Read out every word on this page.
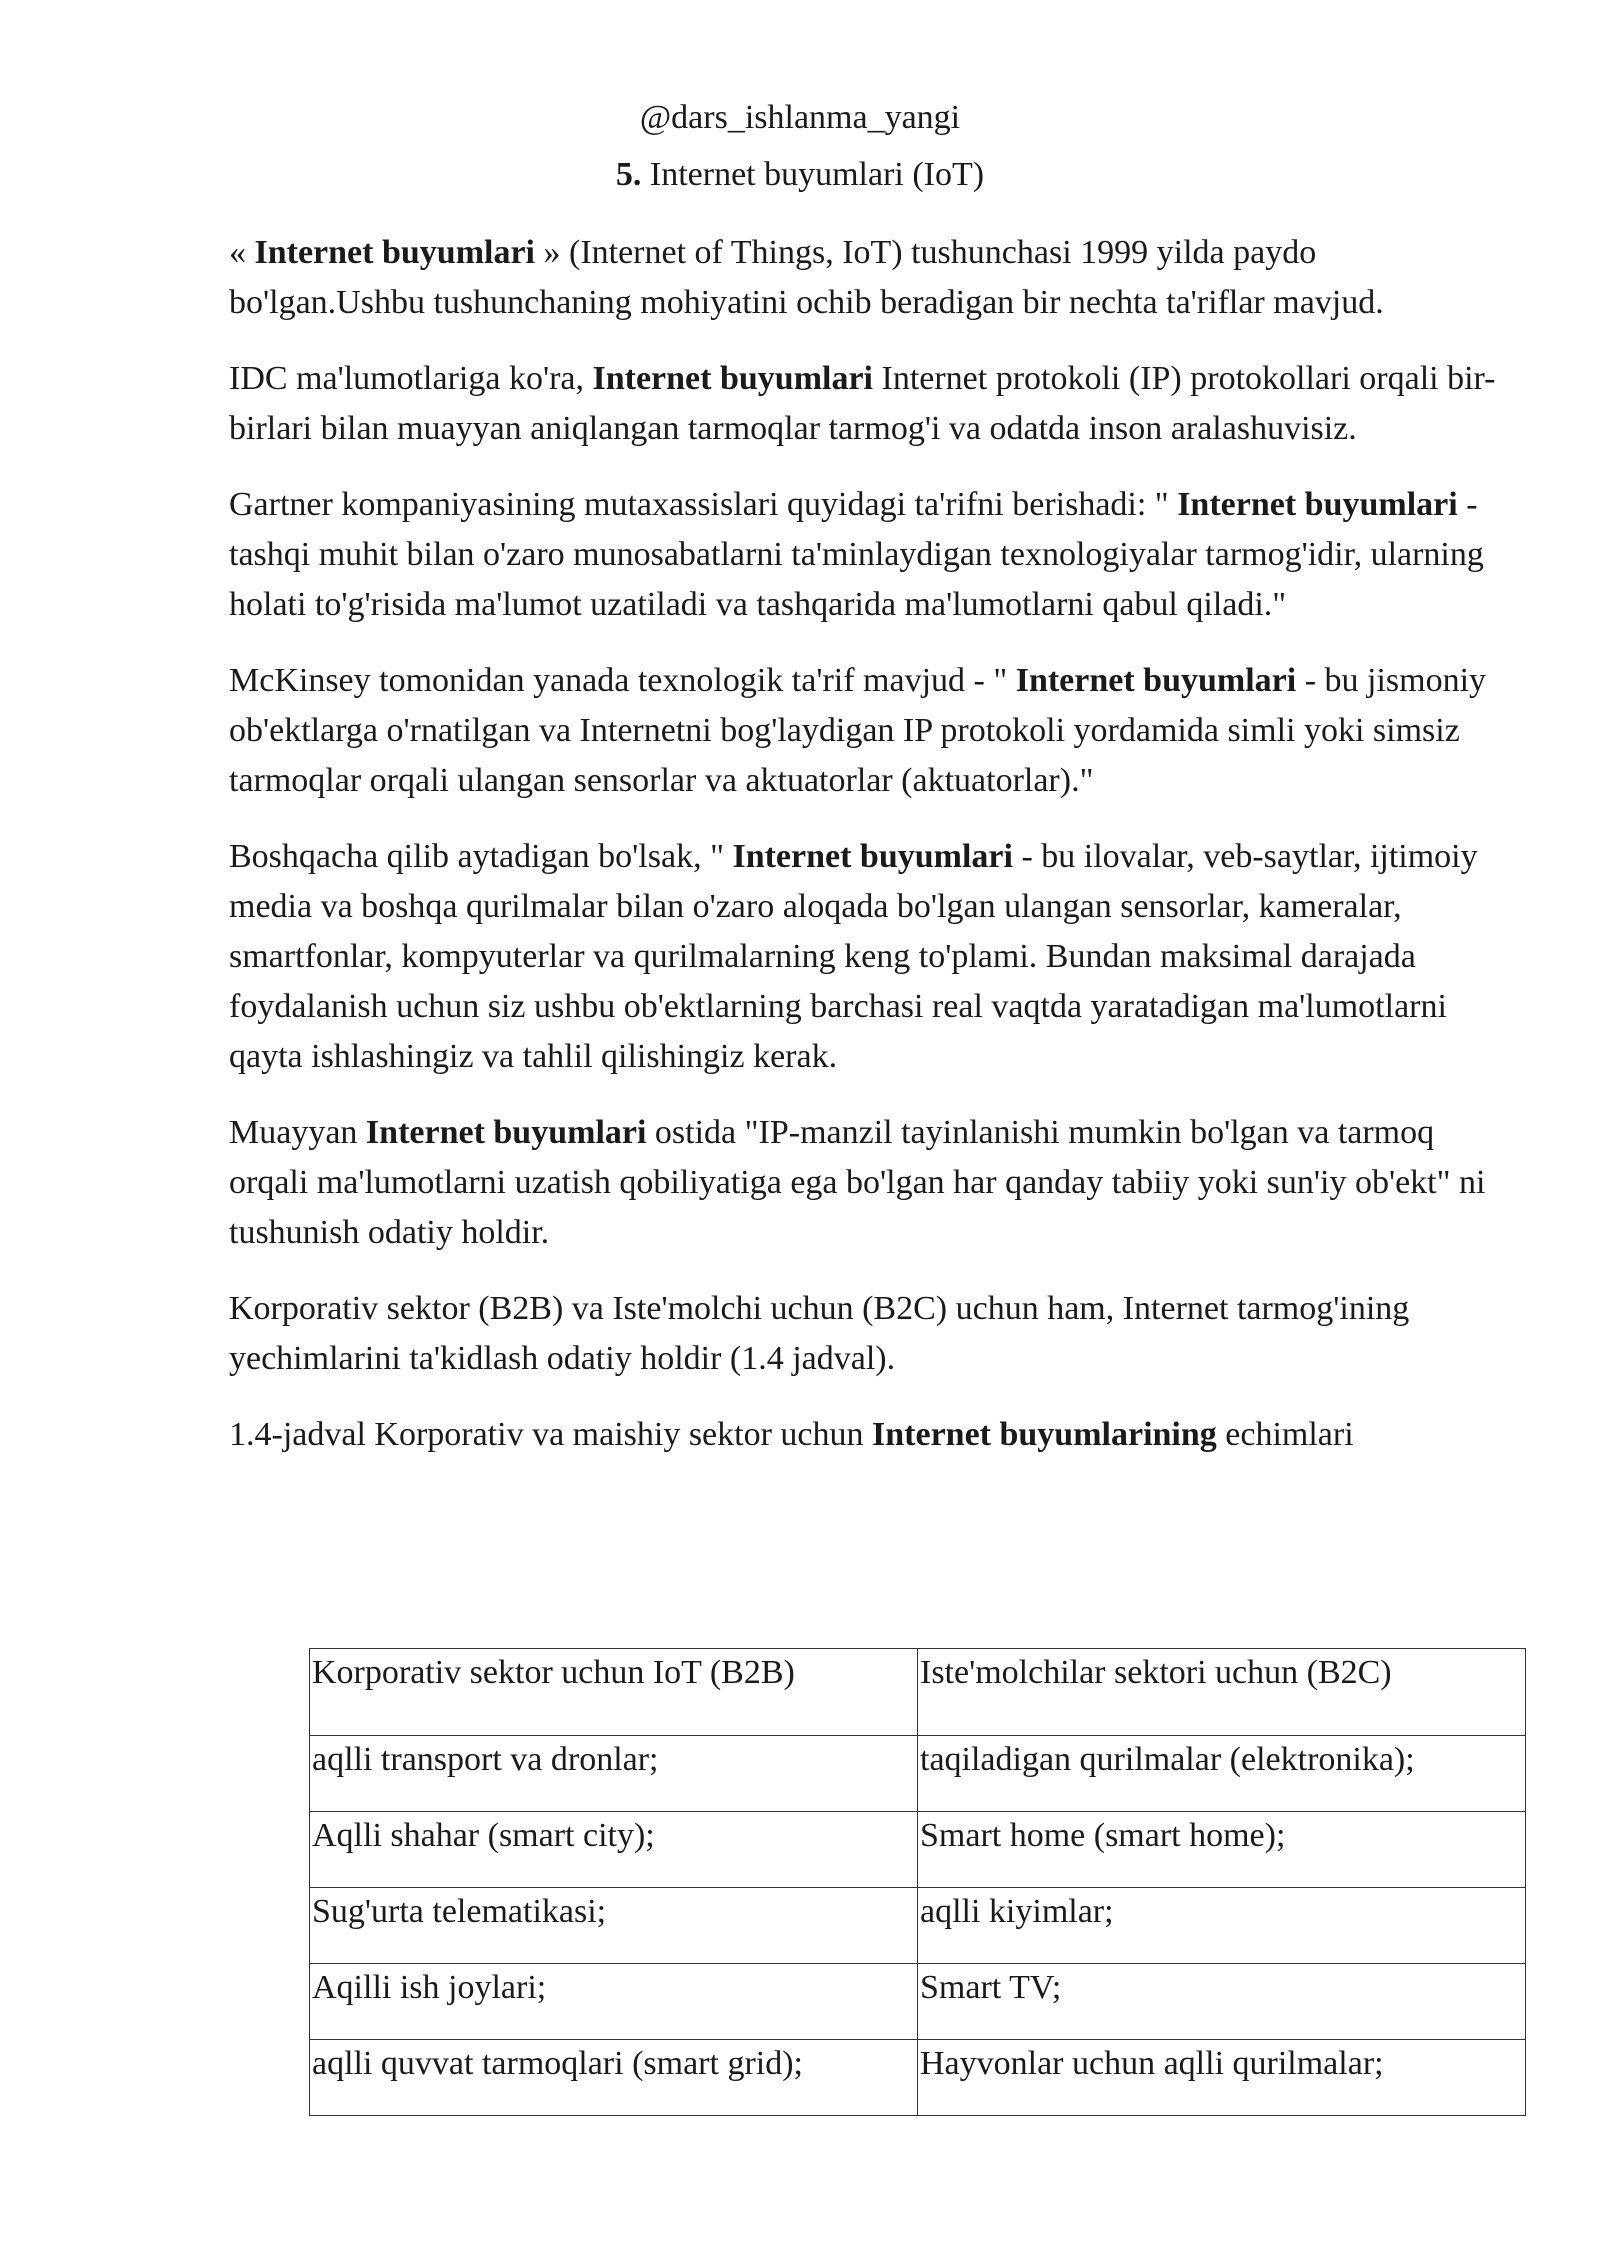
@dars_ishlanma_yangi
5. Internet buyumlari (IoT)

« Internet buyumlari » (Internet of Things, IoT) tushunchasi 1999 yilda paydo bo'lgan.Ushbu tushunchaning mohiyatini ochib beradigan bir nechta ta'riflar mavjud.

IDC ma'lumotlariga ko'ra, Internet buyumlari Internet protokoli (IP) protokollari orqali bir-birlari bilan muayyan aniqlangan tarmoqlar tarmog'i va odatda inson aralashuvisiz.

Gartner kompaniyasining mutaxassislari quyidagi ta'rifni berishadi: " Internet buyumlari - tashqi muhit bilan o'zaro munosabatlarni ta'minlaydigan texnologiyalar tarmog'idir, ularning holati to'g'risida ma'lumot uzatiladi va tashqarida ma'lumotlarni qabul qiladi."

McKinsey tomonidan yanada texnologik ta'rif mavjud - " Internet buyumlari - bu jismoniy ob'ektlarga o'rnatilgan va Internetni bog'laydigan IP protokoli yordamida simli yoki simsiz tarmoqlar orqali ulangan sensorlar va aktuatorlar (aktuatorlar)."

Boshqacha qilib aytadigan bo'lsak, " Internet buyumlari - bu ilovalar, veb-saytlar, ijtimoiy media va boshqa qurilmalar bilan o'zaro aloqada bo'lgan ulangan sensorlar, kameralar, smartfonlar, kompyuterlar va qurilmalarning keng to'plami. Bundan maksimal darajada foydalanish uchun siz ushbu ob'ektlarning barchasi real vaqtda yaratadigan ma'lumotlarni qayta ishlashingiz va tahlil qilishingiz kerak.

Muayyan Internet buyumlari ostida "IP-manzil tayinlanishi mumkin bo'lgan va tarmoq orqali ma'lumotlarni uzatish qobiliyatiga ega bo'lgan har qanday tabiiy yoki sun'iy ob'ekt" ni tushunish odatiy holdir.

Korporativ sektor (B2B) va Iste'molchi uchun (B2C) uchun ham, Internet tarmog'ining yechimlarini ta'kidlash odatiy holdir (1.4 jadval).

1.4-jadval Korporativ va maishiy sektor uchun Internet buyumlarining echimlari

Korporativ sektor uchun IoT (B2B)	Iste'molchilar sektori uchun (B2C)
aqlli transport va dronlar;	taqiladigan qurilmalar (elektronika);
Aqlli shahar (smart city);	Smart home (smart home);
Sug'urta telematikasi;	aqlli kiyimlar;
Aqilli ish joylari;	Smart TV;
aqlli quvvat tarmoqlari (smart grid);	Hayvonlar uchun aqlli qurilmalar;
